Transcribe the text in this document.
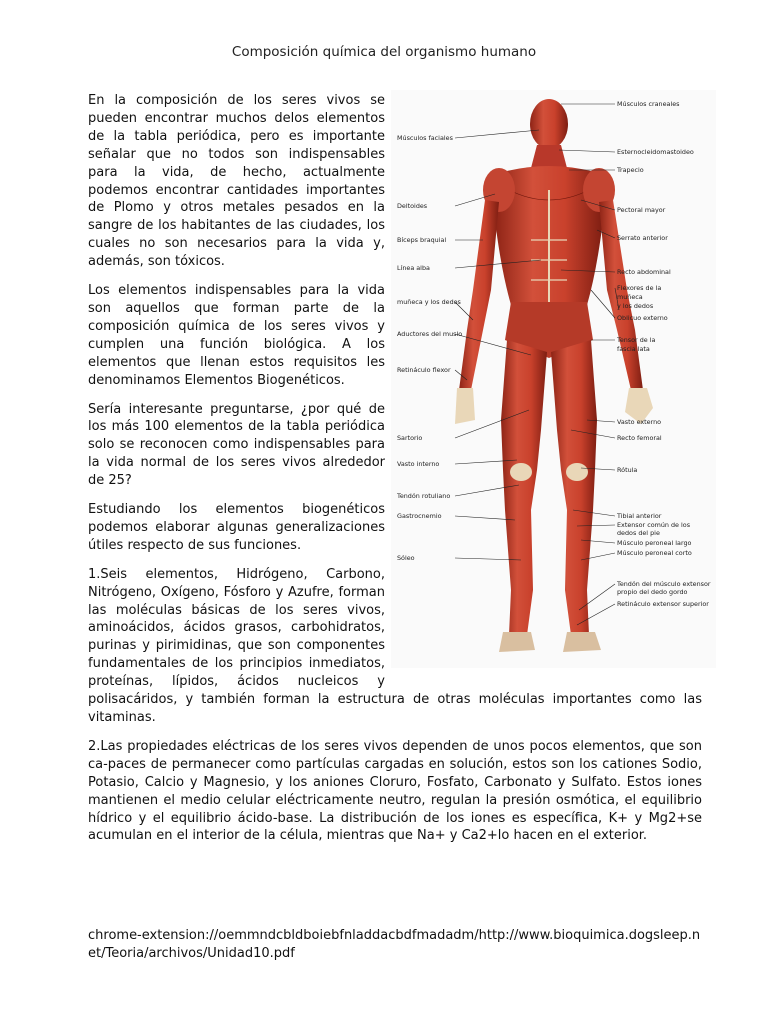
Composición química del organismo humano
Músculos faciales
Deltoides
Bíceps braquial
Línea alba
muñeca y los dedos
Aductores del muslo
Retináculo flexor
Sartorio
Vasto interno
Tendón rotuliano
Gastrocnemio
Sóleo
Músculos craneales
Esternocleidomastoideo
Trapecio
Pectoral mayor
Serrato anterior
Recto abdominal
Flexores de la
muñeca
y los dedos
Oblicuo externo
Tensor de la
fascia lata
Vasto externo
Recto femoral
Rótula
Tibial anterior
Extensor común de los
dedos del pie
Músculo peroneal largo
Músculo peroneal corto
Tendón del músculo extensor
propio del dedo gordo
Retináculo extensor superior

En la composición de los seres vivos se pueden encontrar muchos delos elementos de la tabla periódica, pero es importante señalar que no todos son indispensables para la vida, de hecho, actualmente podemos encontrar cantidades importantes de Plomo y otros metales pesados en la sangre de los habitantes de las ciudades, los cuales no son necesarios para la vida y, además, son tóxicos.

Los elementos indispensables para la vida son aquellos que forman parte de la composición química de los seres vivos y cumplen una función biológica. A los elementos que llenan estos requisitos les denominamos Elementos Biogenéticos.

Sería interesante preguntarse, ¿por qué de los más 100 elementos de la tabla periódica solo se reconocen como indispensables para la vida normal de los seres vivos alrededor de 25?

Estudiando los elementos biogenéticos podemos elaborar algunas generalizaciones útiles respecto de sus funciones.

1.Seis elementos, Hidrógeno, Carbono, Nitrógeno, Oxígeno, Fósforo y Azufre, forman las moléculas básicas de los seres vivos, aminoácidos, ácidos grasos, carbohidratos, purinas y pirimidinas, que son componentes fundamentales de los principios inmediatos, proteínas, lípidos, ácidos nucleicos y polisacáridos, y también forman la estructura de otras moléculas importantes como las vitaminas.

2.Las propiedades eléctricas de los seres vivos dependen de unos pocos elementos, que son ca-paces de permanecer como partículas cargadas en solución, estos son los cationes Sodio, Potasio, Calcio y Magnesio, y los aniones Cloruro, Fosfato, Carbonato y Sulfato. Estos iones mantienen el medio celular eléctricamente neutro, regulan la presión osmótica, el equilibrio hídrico y el equilibrio ácido-base. La distribución de los iones es específica, K+ y Mg2+se acumulan en el interior de la célula, mientras que Na+ y Ca2+lo hacen en el exterior.

chrome-extension://oemmndcbldboiebfnladdacbdfmadadm/http://www.bioquimica.dogsleep.net/Teoria/archivos/Unidad10.pdf
